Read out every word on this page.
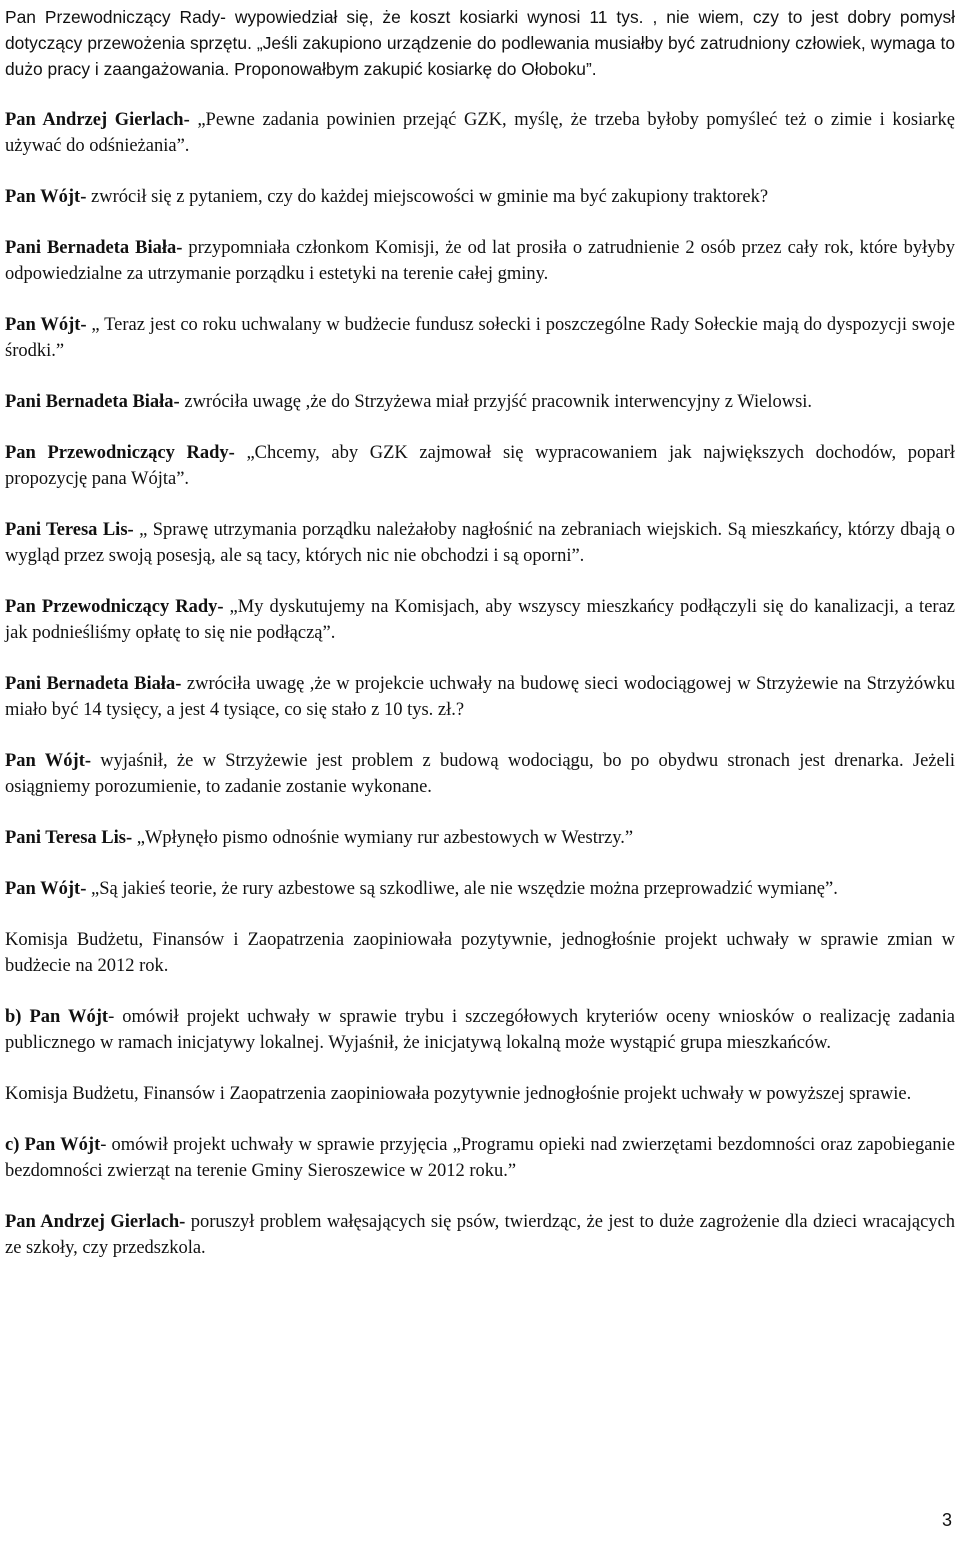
Pan Przewodniczący Rady- wypowiedział się, że koszt kosiarki wynosi 11 tys. , nie wiem, czy to jest dobry pomysł dotyczący przewożenia sprzętu. „Jeśli zakupiono urządzenie do podlewania musiałby być zatrudniony człowiek, wymaga to dużo pracy i zaangażowania. Proponowałbym zakupić kosiarkę do Ołoboku”.

Pan Andrzej Gierlach- „Pewne zadania powinien przejąć GZK, myślę, że trzeba byłoby pomyśleć też o zimie i kosiarkę używać do odśnieżania”.

Pan Wójt- zwrócił się z pytaniem, czy do każdej miejscowości w gminie ma być zakupiony traktorek?

Pani Bernadeta Biała- przypomniała członkom Komisji, że od lat prosiła o zatrudnienie 2 osób przez cały rok, które byłyby odpowiedzialne za utrzymanie porządku i estetyki na terenie całej gminy.

Pan Wójt- „ Teraz jest co roku uchwalany w budżecie fundusz sołecki i poszczególne Rady Sołeckie mają do dyspozycji swoje środki.”

Pani Bernadeta Biała- zwróciła uwagę ,że do Strzyżewa miał przyjść pracownik interwencyjny z Wielowsi.

Pan Przewodniczący Rady- „Chcemy, aby GZK zajmował się wypracowaniem jak największych dochodów, poparł propozycję pana Wójta”.

Pani Teresa Lis- „ Sprawę utrzymania porządku należałoby nagłośnić na zebraniach wiejskich. Są mieszkańcy, którzy dbają o wygląd przez swoją posesją, ale są tacy, których nic nie obchodzi i są oporni”.

Pan Przewodniczący Rady- „My dyskutujemy na Komisjach, aby wszyscy mieszkańcy podłączyli się do kanalizacji, a teraz jak podnieśliśmy opłatę to się nie podłączą”.

Pani Bernadeta Biała- zwróciła uwagę ,że w projekcie uchwały na budowę sieci wodociągowej w Strzyżewie na Strzyżówku miało być 14 tysięcy, a jest 4 tysiące, co się stało z 10 tys. zł.?

Pan Wójt- wyjaśnił, że w Strzyżewie jest problem z budową wodociągu, bo po obydwu stronach jest drenarka. Jeżeli osiągniemy porozumienie, to zadanie zostanie wykonane.

Pani Teresa Lis- „Wpłynęło pismo odnośnie wymiany rur azbestowych w Westrzy.”

Pan Wójt- „Są jakieś teorie, że rury azbestowe są szkodliwe, ale nie wszędzie można przeprowadzić wymianę”.

Komisja Budżetu, Finansów i Zaopatrzenia zaopiniowała pozytywnie, jednogłośnie projekt uchwały w sprawie zmian w budżecie na 2012 rok.

b) Pan Wójt- omówił projekt uchwały w sprawie trybu i szczegółowych kryteriów oceny wniosków o realizację zadania publicznego w ramach inicjatywy lokalnej. Wyjaśnił, że inicjatywą lokalną może wystąpić grupa mieszkańców.

Komisja Budżetu, Finansów i Zaopatrzenia zaopiniowała pozytywnie jednogłośnie projekt uchwały w powyższej sprawie.

c) Pan Wójt- omówił projekt uchwały w sprawie przyjęcia „Programu opieki nad zwierzętami bezdomności oraz zapobieganie bezdomności zwierząt na terenie Gminy Sieroszewice w 2012 roku.”

Pan Andrzej Gierlach- poruszył problem wałęsających się psów, twierdząc, że jest to duże zagrożenie dla dzieci wracających ze szkoły, czy przedszkola.

3
